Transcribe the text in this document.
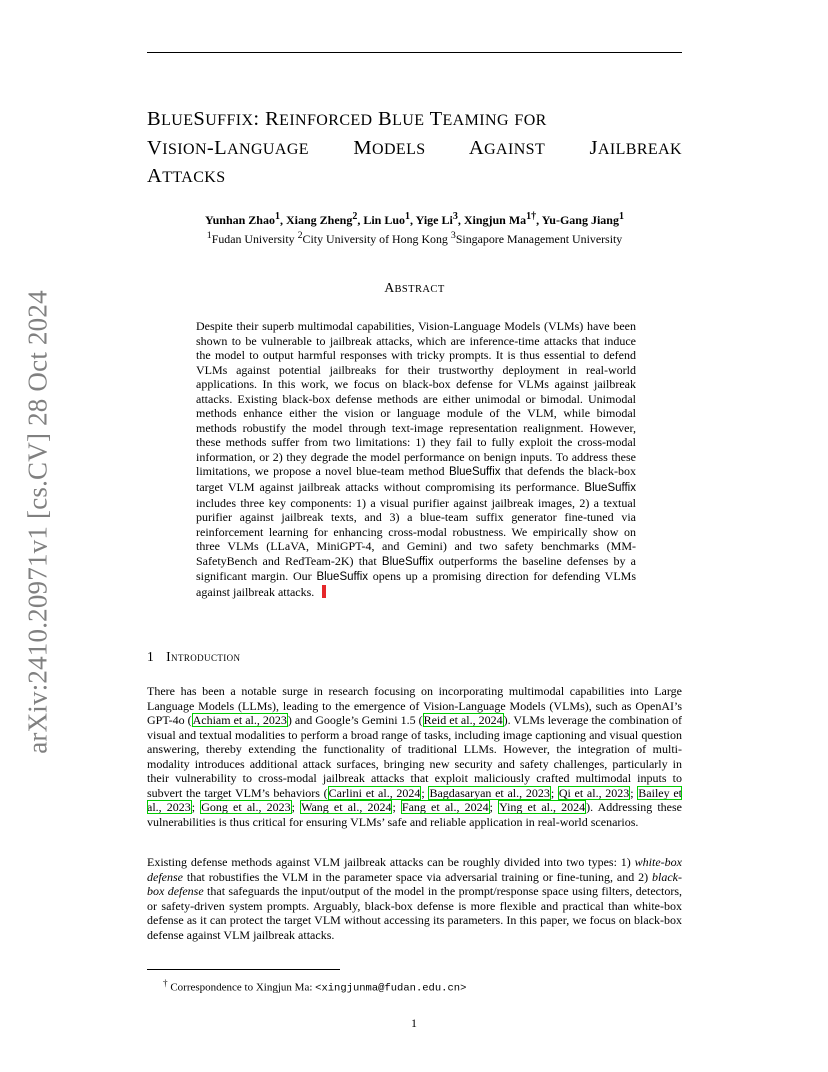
arXiv:2410.20971v1 [cs.CV] 28 Oct 2024
BLUESUFFIX: REINFORCED BLUE TEAMING FOR
VISION-LANGUAGE MODELS AGAINST JAILBREAK
ATTACKS
Yunhan Zhao$^1$, Xiang Zheng$^2$, Lin Luo$^1$, Yige Li$^3$, Xingjun $Ma^{1\dagger}$, Yu-Gang Jiang$^1$
$^1$Fudan University $^2$City University of Hong Kong $^3$Singapore Management University
ABSTRACT

Despite their superb multimodal capabilities, Vision-Language Models (VLMs) have been shown to be vulnerable to jailbreak attacks, which are inference-time attacks that induce the model to output harmful responses with tricky prompts. It is thus essential to defend VLMs against potential jailbreaks for their trustworthy deployment in real-world applications. In this work, we focus on black-box defense for VLMs against jailbreak attacks. Existing black-box defense methods are either unimodal or bimodal. Unimodal methods enhance either the vision or language module of the VLM, while bimodal methods robustify the model through text-image representation realignment. However, these methods suffer from two limitations: 1) they fail to fully exploit the cross-modal information, or 2) they degrade the model performance on benign inputs. To address these limitations, we propose a novel blue-team method BlueSuffix that defends the black-box target VLM against jailbreak attacks without compromising its performance. BlueSuffix includes three key components: 1) a visual purifier against jailbreak images, 2) a textual purifier against jailbreak texts, and 3) a blue-team suffix generator fine-tuned via reinforcement learning for enhancing cross-modal robustness. We empirically show on three VLMs (LLaVA, MiniGPT-4, and Gemini) and two safety benchmarks (MM-SafetyBench and RedTeam-2K) that BlueSuffix outperforms the baseline defenses by a significant margin. Our BlueSuffix opens up a promising direction for defending VLMs against jailbreak attacks.

1 Introduction

There has been a notable surge in research focusing on incorporating multimodal capabilities into Large Language Models (LLMs), leading to the emergence of Vision-Language Models (VLMs), such as OpenAI’s GPT-4o (Achiam et al., 2023) and Google’s Gemini 1.5 (Reid et al., 2024). VLMs leverage the combination of visual and textual modalities to perform a broad range of tasks, including image captioning and visual question answering, thereby extending the functionality of traditional LLMs. However, the integration of multi-modality introduces additional attack surfaces, bringing new security and safety challenges, particularly in their vulnerability to cross-modal jailbreak attacks that exploit maliciously crafted multimodal inputs to subvert the target VLM’s behaviors (Carlini et al., 2024; Bagdasaryan et al., 2023; Qi et al., 2023; Bailey et al., 2023; Gong et al., 2023; Wang et al., 2024; Fang et al., 2024; Ying et al., 2024). Addressing these vulnerabilities is thus critical for ensuring VLMs’ safe and reliable application in real-world scenarios.

Existing defense methods against VLM jailbreak attacks can be roughly divided into two types: 1) white-box defense that robustifies the VLM in the parameter space via adversarial training or fine-tuning, and 2) black-box defense that safeguards the input/output of the model in the prompt/response space using filters, detectors, or safety-driven system prompts. Arguably, black-box defense is more flexible and practical than white-box defense as it can protect the target VLM without accessing its parameters. In this paper, we focus on black-box defense against VLM jailbreak attacks.

† Correspondence to Xingjun Ma: <xingjunma@fudan.edu.cn>

1
